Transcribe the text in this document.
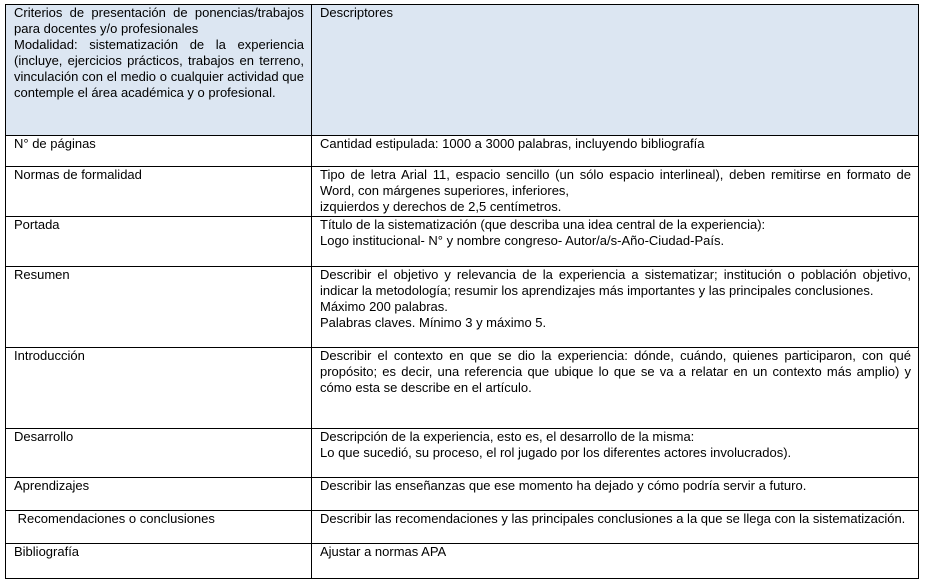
Criterios de presentación de ponencias/trabajos para docentes y/o profesionales
Modalidad: sistematización de la experiencia (incluye, ejercicios prácticos, trabajos en terreno, vinculación con el medio o cualquier actividad que contemple el área académica y o profesional.	Descriptores
N° de páginas	Cantidad estipulada: 1000 a 3000 palabras, incluyendo bibliografía

Normas de formalidad	Tipo de letra Arial 11, espacio sencillo (un sólo espacio interlineal), deben remitirse en formato de Word, con márgenes superiores, inferiores,
izquierdos y derechos de 2,5 centímetros.

Portada	Título de la sistematización (que describa una idea central de la experiencia):
Logo institucional- N° y nombre congreso- Autor/a/s-Año-Ciudad-País.

Resumen	Describir el objetivo y relevancia de la experiencia a sistematizar; institución o población objetivo, indicar la metodología; resumir los aprendizajes más importantes y las principales conclusiones.
Máximo 200 palabras.
Palabras claves. Mínimo 3 y máximo 5.

Introducción	Describir el contexto en que se dio la experiencia: dónde, cuándo, quienes participaron, con qué propósito; es decir, una referencia que ubique lo que se va a relatar en un contexto más amplio) y cómo esta se describe en el artículo.

Desarrollo	Descripción de la experiencia, esto es, el desarrollo de la misma:
Lo que sucedió, su proceso, el rol jugado por los diferentes actores involucrados).

Aprendizajes	Describir las enseñanzas que ese momento ha dejado y cómo podría servir a futuro.

Recomendaciones o conclusiones	Describir las recomendaciones y las principales conclusiones a la que se llega con la sistematización.

Bibliografía	Ajustar a normas APA
